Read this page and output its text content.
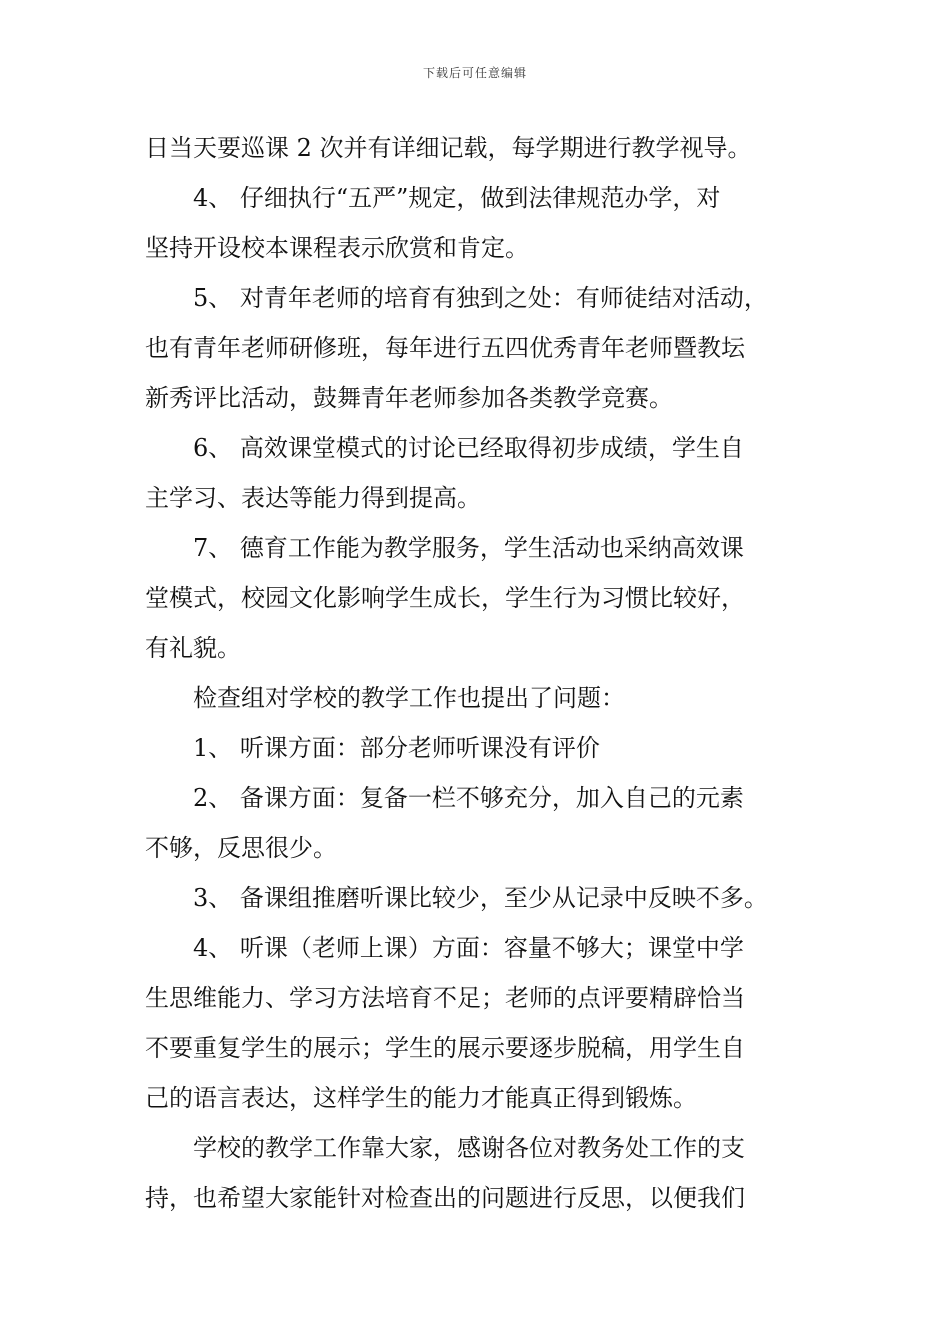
下载后可任意编辑
日当天要巡课 2 次并有详细记载，每学期进行教学视导。
　　4、 仔细执行“五严”规定，做到法律规范办学，对
坚持开设校本课程表示欣赏和肯定。
　　5、 对青年老师的培育有独到之处：有师徒结对活动，
也有青年老师研修班，每年进行五四优秀青年老师暨教坛
新秀评比活动，鼓舞青年老师参加各类教学竞赛。
　　6、 高效课堂模式的讨论已经取得初步成绩，学生自
主学习、表达等能力得到提高。
　　7、 德育工作能为教学服务，学生活动也采纳高效课
堂模式，校园文化影响学生成长，学生行为习惯比较好，
有礼貌。
　　检查组对学校的教学工作也提出了问题：
　　1、 听课方面：部分老师听课没有评价
　　2、 备课方面：复备一栏不够充分，加入自己的元素
不够，反思很少。
　　3、 备课组推磨听课比较少，至少从记录中反映不多。
　　4、 听课（老师上课）方面：容量不够大；课堂中学
生思维能力、学习方法培育不足；老师的点评要精辟恰当
不要重复学生的展示；学生的展示要逐步脱稿，用学生自
己的语言表达，这样学生的能力才能真正得到锻炼。
　　学校的教学工作靠大家，感谢各位对教务处工作的支
持，也希望大家能针对检查出的问题进行反思，以便我们
